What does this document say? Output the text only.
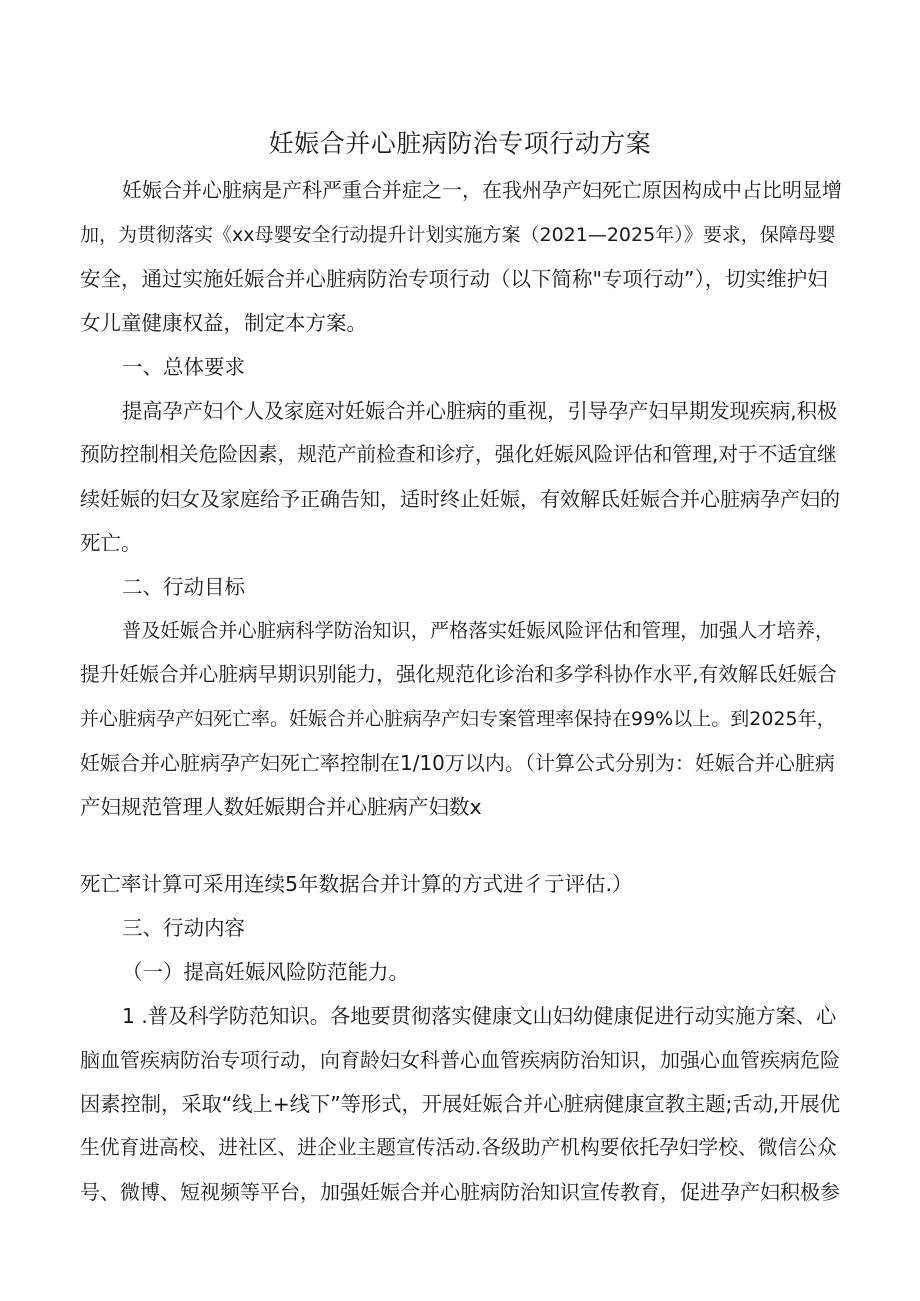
妊娠合并心脏病防治专项行动方案
妊娠合并心脏病是产科严重合并症之一，在我州孕产妇死亡原因构成中占比明显增
加，为贯彻落实《xx母婴安全行动提升计划实施方案（2021—2025年）》要求，保障母婴
安全，通过实施妊娠合并心脏病防治专项行动（以下简称"专项行动”），切实维护妇
女儿童健康权益，制定本方案。
一、总体要求
提高孕产妇个人及家庭对妊娠合并心脏病的重视，引导孕产妇早期发现疾病,积极
预防控制相关危险因素，规范产前检查和诊疗，强化妊娠风险评估和管理,对于不适宜继
续妊娠的妇女及家庭给予正确告知，适时终止妊娠，有效解氐妊娠合并心脏病孕产妇的
死亡。
二、行动目标
普及妊娠合并心脏病科学防治知识，严格落实妊娠风险评估和管理，加强人才培养，
提升妊娠合并心脏病早期识别能力，强化规范化诊治和多学科协作水平,有效解氐妊娠合
并心脏病孕产妇死亡率。妊娠合并心脏病孕产妇专案管理率保持在99%以上。到2025年，
妊娠合并心脏病孕产妇死亡率控制在1/10万以内。（计算公式分别为：妊娠合并心脏病
产妇规范管理人数妊娠期合并心脏病产妇数x
死亡率计算可采用连续5年数据合并计算的方式进彳亍评估.）
三、行动内容
（一）提高妊娠风险防范能力。
1 .普及科学防范知识。各地要贯彻落实健康文山妇幼健康促进行动实施方案、心
脑血管疾病防治专项行动，向育龄妇女科普心血管疾病防治知识，加强心血管疾病危险
因素控制，采取“线上+线下”等形式，开展妊娠合并心脏病健康宣教主题;舌动,开展优
生优育进高校、进社区、进企业主题宣传活动.各级助产机构要依托孕妇学校、微信公众
号、微博、短视频等平台，加强妊娠合并心脏病防治知识宣传教育，促进孕产妇积极参
